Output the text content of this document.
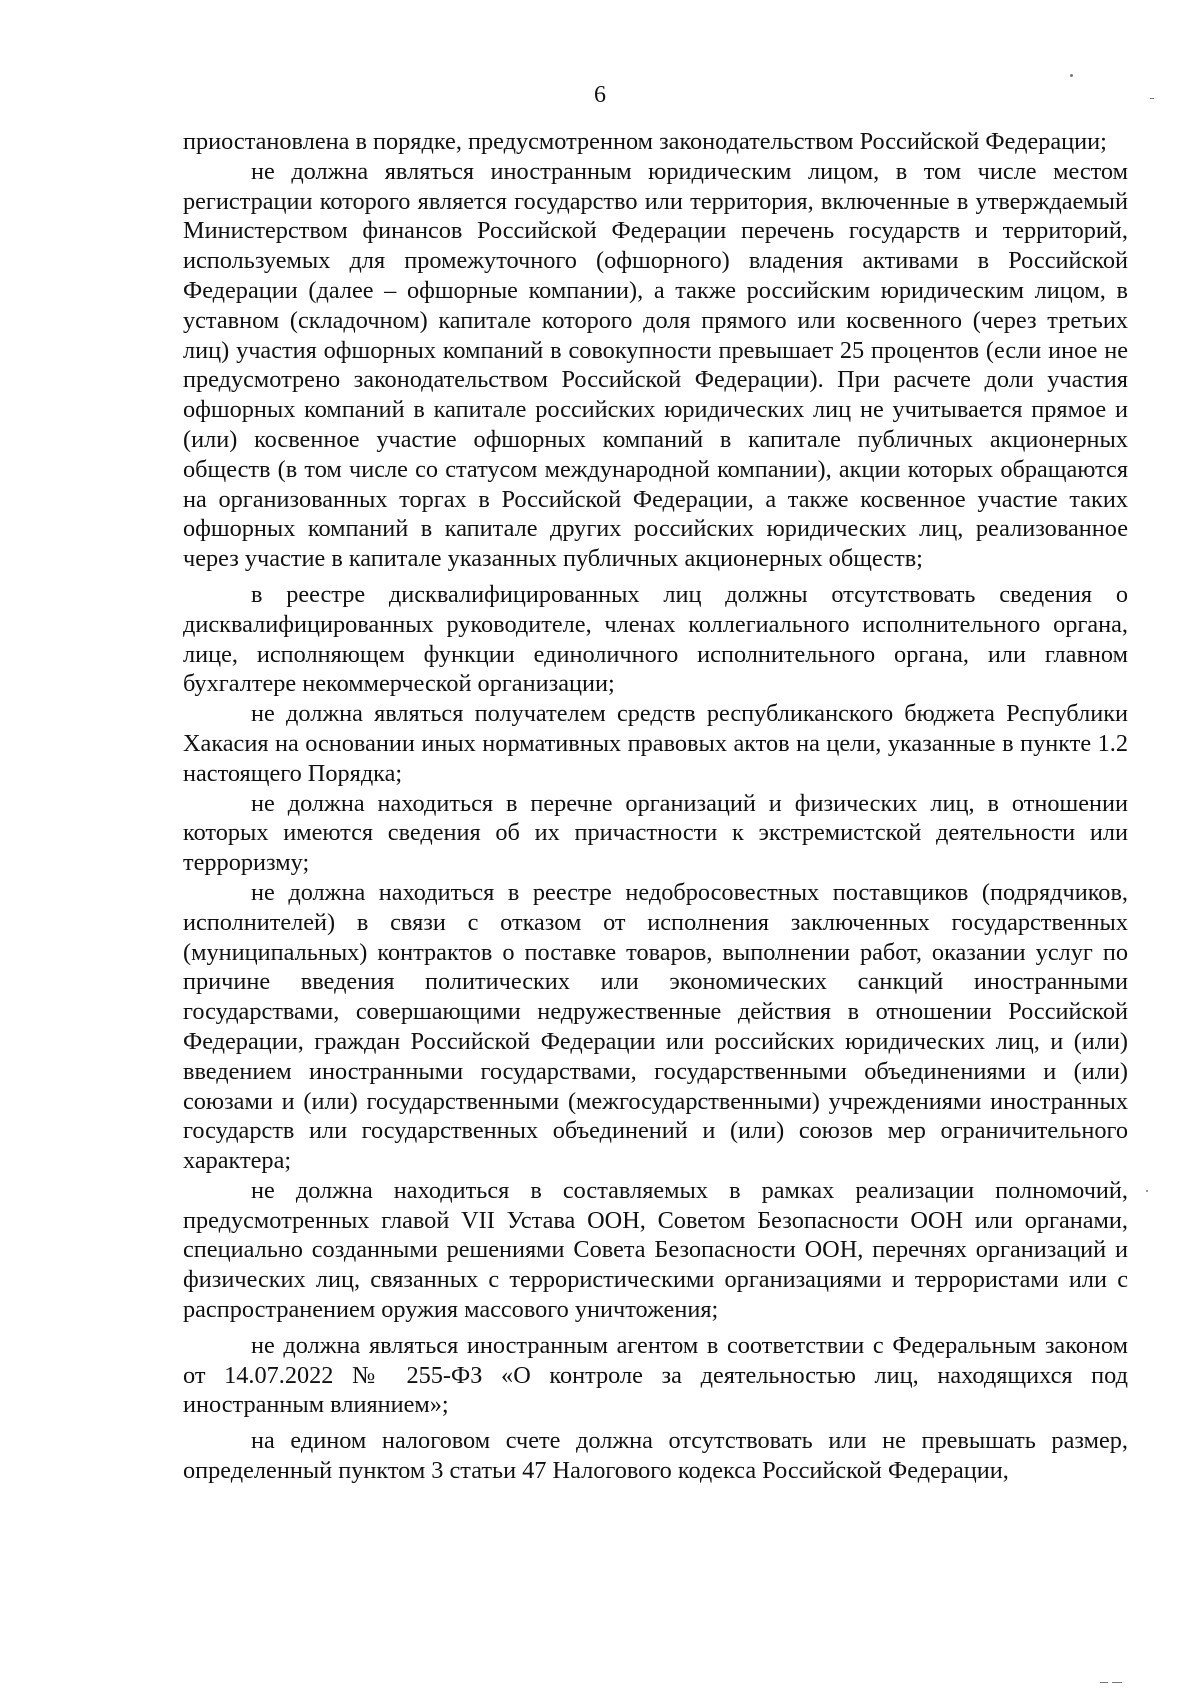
6

приостановлена в порядке, предусмотренном законодательством Российской Федерации;

не должна являться иностранным юридическим лицом, в том числе местом регистрации которого является государство или территория, включенные в утверждаемый Министерством финансов Российской Федерации перечень государств и территорий, используемых для промежуточного (офшорного) владения активами в Российской Федерации (далее – офшорные компании), а также российским юридическим лицом, в уставном (складочном) капитале которого доля прямого или косвенного (через третьих лиц) участия офшорных компаний в совокупности превышает 25 процентов (если иное не предусмотрено законодательством Российской Федерации). При расчете доли участия офшорных компаний в капитале российских юридических лиц не учитывается прямое и (или) косвенное участие офшорных компаний в капитале публичных акционерных обществ (в том числе со статусом международной компании), акции которых обращаются на организованных торгах в Российской Федерации, а также косвенное участие таких офшорных компаний в капитале других российских юридических лиц, реализованное через участие в капитале указанных публичных акционерных обществ;

в реестре дисквалифицированных лиц должны отсутствовать сведения о дисквалифицированных руководителе, членах коллегиального исполнительного органа, лице, исполняющем функции единоличного исполнительного органа, или главном бухгалтере некоммерческой организации;

не должна являться получателем средств республиканского бюджета Республики Хакасия на основании иных нормативных правовых актов на цели, указанные в пункте 1.2 настоящего Порядка;

не должна находиться в перечне организаций и физических лиц, в отношении которых имеются сведения об их причастности к экстремистской деятельности или терроризму;

не должна находиться в реестре недобросовестных поставщиков (подрядчиков, исполнителей) в связи с отказом от исполнения заключенных государственных (муниципальных) контрактов о поставке товаров, выполнении работ, оказании услуг по причине введения политических или экономических санкций иностранными государствами, совершающими недружественные действия в отношении Российской Федерации, граждан Российской Федерации или российских юридических лиц, и (или) введением иностранными государствами, государственными объединениями и (или) союзами и (или) государственными (межгосударственными) учреждениями иностранных государств или государственных объединений и (или) союзов мер ограничительного характера;

не должна находиться в составляемых в рамках реализации полномочий, предусмотренных главой VII Устава ООН, Советом Безопасности ООН или органами, специально созданными решениями Совета Безопасности ООН, перечнях организаций и физических лиц, связанных с террористическими организациями и террористами или с распространением оружия массового уничтожения;

не должна являться иностранным агентом в соответствии с Федеральным законом от 14.07.2022 № 255-ФЗ «О контроле за деятельностью лиц, находящихся под иностранным влиянием»;

на едином налоговом счете должна отсутствовать или не превышать размер, определенный пунктом 3 статьи 47 Налогового кодекса Российской Федерации,
